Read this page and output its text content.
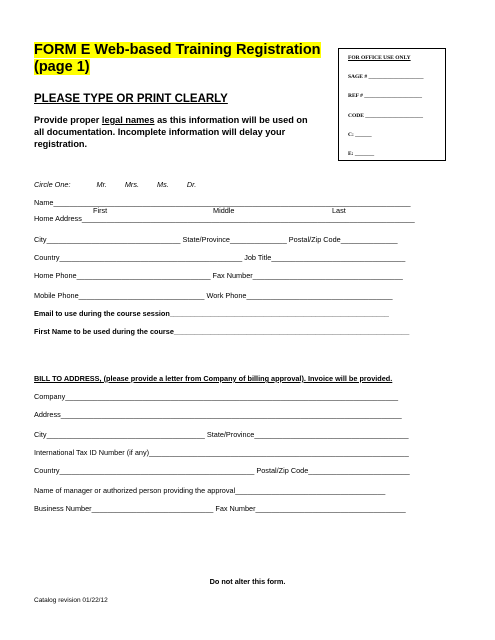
FORM E Web-based Training Registration
(page 1)
FOR OFFICE USE ONLY
SAGE # ____________________
REF # _____________________
CODE _____________________
C: ______
E: _______
PLEASE TYPE OR PRINT CLEARLY
Provide proper legal names as this information will be used on
all documentation. Incomplete information will delay your
registration.
Circle One:	Mr. Mrs. Ms. Dr.
Name________________________________________________________________________________________
First	Middle	Last
Home Address__________________________________________________________________________________
City_________________________________ State/Province______________ Postal/Zip Code______________
Country_____________________________________________ Job Title_________________________________
Home Phone_________________________________ Fax Number_____________________________________
Mobile Phone_______________________________ Work Phone____________________________________
Email to use during the course session______________________________________________________
First Name to be used during the course__________________________________________________________
BILL TO ADDRESS, (please provide a letter from Company of billing approval). Invoice will be provided.
Company__________________________________________________________________________________
Address____________________________________________________________________________________
City_______________________________________ State/Province______________________________________
International Tax ID Number (if any)________________________________________________________________
Country________________________________________________ Postal/Zip Code_________________________
Name of manager or authorized person providing the approval_____________________________________
Business Number______________________________ Fax Number_____________________________________
Do not alter this form.
Catalog revision 01/22/12
